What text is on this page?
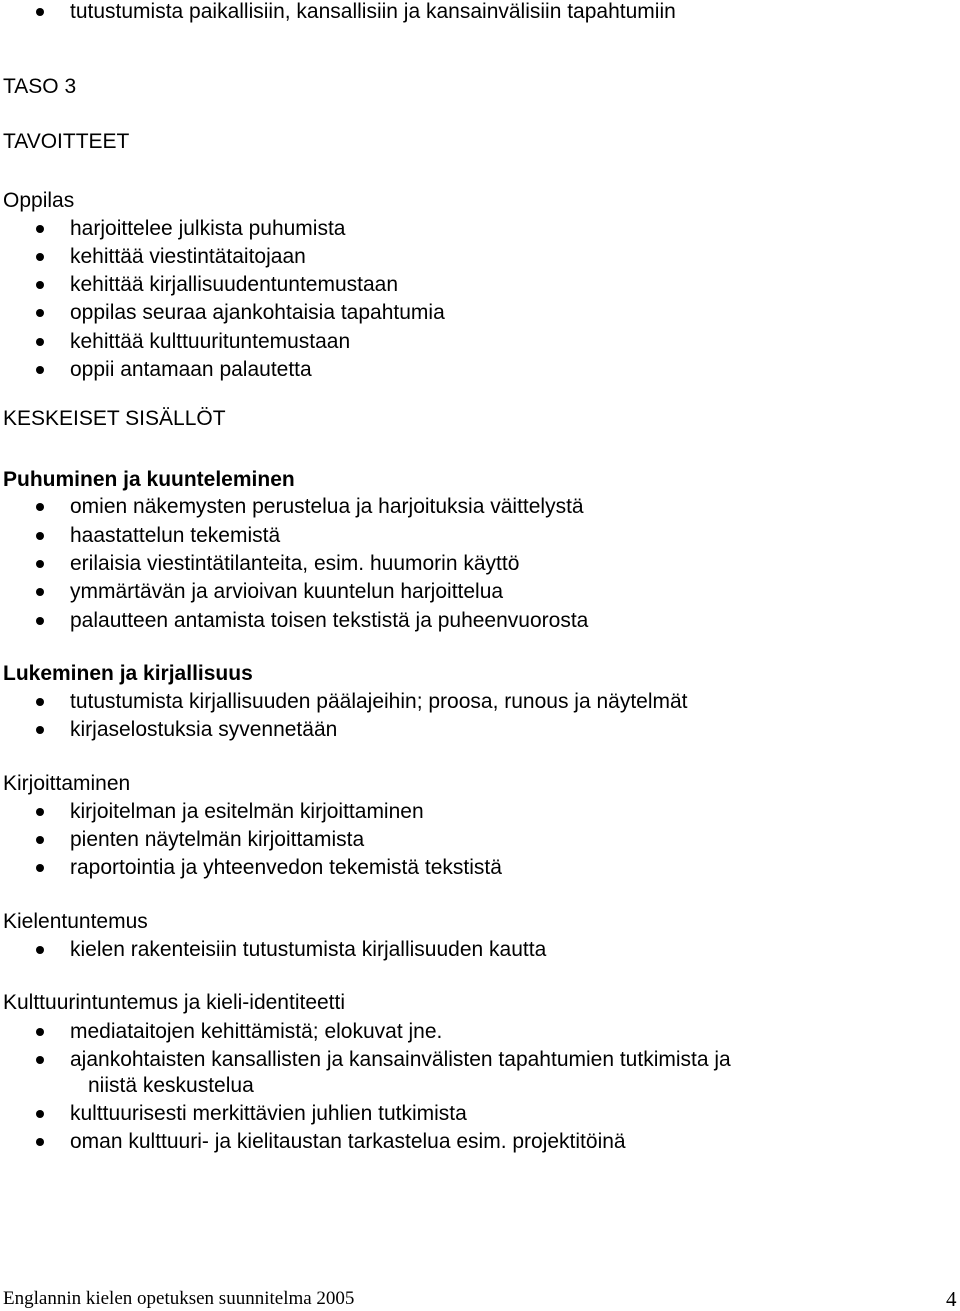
tutustumista paikallisiin, kansallisiin ja kansainvälisiin tapahtumiin
TASO 3
TAVOITTEET
Oppilas
harjoittelee julkista puhumista
kehittää viestintätaitojaan
kehittää kirjallisuudentuntemustaan
oppilas seuraa ajankohtaisia tapahtumia
kehittää kulttuurituntemustaan
oppii antamaan palautetta
KESKEISET SISÄLLÖT
Puhuminen ja kuunteleminen
omien näkemysten perustelua ja harjoituksia väittelystä
haastattelun tekemistä
erilaisia viestintätilanteita, esim. huumorin käyttö
ymmärtävän ja arvioivan kuuntelun harjoittelua
palautteen antamista toisen tekstistä ja puheenvuorosta
Lukeminen ja kirjallisuus
tutustumista kirjallisuuden päälajeihin; proosa, runous ja näytelmät
kirjaselostuksia syvennetään
Kirjoittaminen
kirjoitelman ja esitelmän kirjoittaminen
pienten näytelmän kirjoittamista
raportointia ja yhteenvedon tekemistä tekstistä
Kielentuntemus
kielen rakenteisiin tutustumista kirjallisuuden kautta
Kulttuurintuntemus ja kieli-identiteetti
mediataitojen kehittämistä; elokuvat jne.
ajankohtaisten kansallisten ja kansainvälisten tapahtumien tutkimista ja
niistä keskustelua
kulttuurisesti merkittävien juhlien tutkimista
oman kulttuuri- ja kielitaustan tarkastelua esim. projektitöinä
Englannin kielen opetuksen suunnitelma 2005	4
